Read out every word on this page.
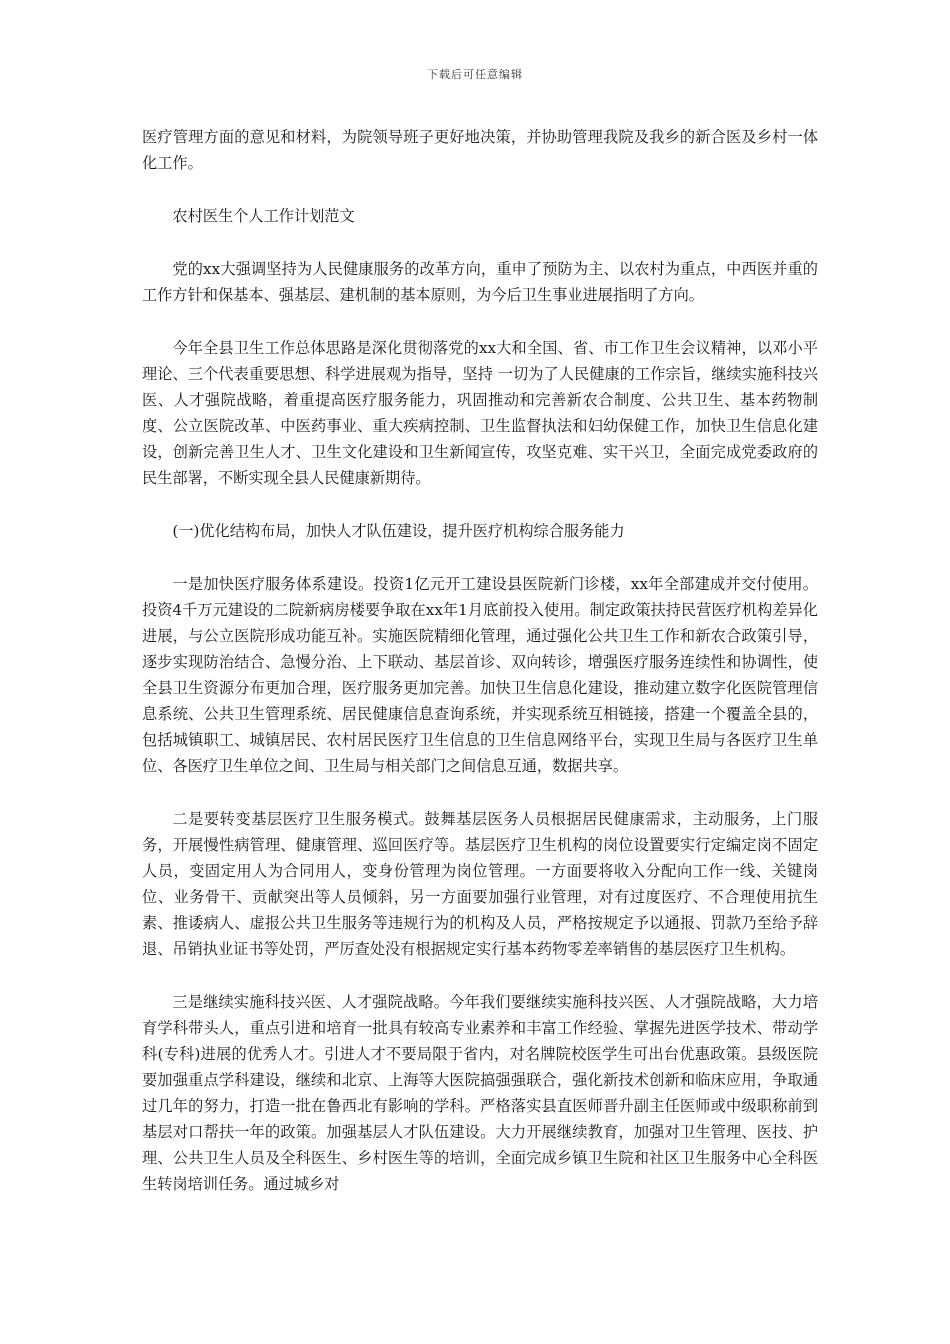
下载后可任意编辑

医疗管理方面的意见和材料，为院领导班子更好地决策，并协助管理我院及我乡的新合医及乡村一体化工作。

农村医生个人工作计划范文

党的xx大强调坚持为人民健康服务的改革方向，重申了预防为主、以农村为重点，中西医并重的工作方针和保基本、强基层、建机制的基本原则，为今后卫生事业进展指明了方向。

今年全县卫生工作总体思路是深化贯彻落党的xx大和全国、省、市工作卫生会议精神，以邓小平理论、三个代表重要思想、科学进展观为指导，坚持 一切为了人民健康的工作宗旨，继续实施科技兴医、人才强院战略，着重提高医疗服务能力，巩固推动和完善新农合制度、公共卫生、基本药物制度、公立医院改革、中医药事业、重大疾病控制、卫生监督执法和妇幼保健工作，加快卫生信息化建设，创新完善卫生人才、卫生文化建设和卫生新闻宣传，攻坚克难、实干兴卫，全面完成党委政府的民生部署，不断实现全县人民健康新期待。

(一)优化结构布局，加快人才队伍建设，提升医疗机构综合服务能力

一是加快医疗服务体系建设。投资1亿元开工建设县医院新门诊楼，xx年全部建成并交付使用。投资4千万元建设的二院新病房楼要争取在xx年1月底前投入使用。制定政策扶持民营医疗机构差异化进展，与公立医院形成功能互补。实施医院精细化管理，通过强化公共卫生工作和新农合政策引导，逐步实现防治结合、急慢分治、上下联动、基层首诊、双向转诊，增强医疗服务连续性和协调性，使全县卫生资源分布更加合理，医疗服务更加完善。加快卫生信息化建设，推动建立数字化医院管理信息系统、公共卫生管理系统、居民健康信息查询系统，并实现系统互相链接，搭建一个覆盖全县的，包括城镇职工、城镇居民、农村居民医疗卫生信息的卫生信息网络平台，实现卫生局与各医疗卫生单位、各医疗卫生单位之间、卫生局与相关部门之间信息互通，数据共享。

二是要转变基层医疗卫生服务模式。鼓舞基层医务人员根据居民健康需求，主动服务，上门服务，开展慢性病管理、健康管理、巡回医疗等。基层医疗卫生机构的岗位设置要实行定编定岗不固定人员，变固定用人为合同用人，变身份管理为岗位管理。一方面要将收入分配向工作一线、关键岗位、业务骨干、贡献突出等人员倾斜，另一方面要加强行业管理，对有过度医疗、不合理使用抗生素、推诿病人、虚报公共卫生服务等违规行为的机构及人员，严格按规定予以通报、罚款乃至给予辞退、吊销执业证书等处罚，严厉查处没有根据规定实行基本药物零差率销售的基层医疗卫生机构。

三是继续实施科技兴医、人才强院战略。今年我们要继续实施科技兴医、人才强院战略，大力培育学科带头人，重点引进和培育一批具有较高专业素养和丰富工作经验、掌握先进医学技术、带动学科(专科)进展的优秀人才。引进人才不要局限于省内，对名牌院校医学生可出台优惠政策。县级医院要加强重点学科建设，继续和北京、上海等大医院搞强强联合，强化新技术创新和临床应用，争取通过几年的努力，打造一批在鲁西北有影响的学科。严格落实县直医师晋升副主任医师或中级职称前到基层对口帮扶一年的政策。加强基层人才队伍建设。大力开展继续教育，加强对卫生管理、医技、护理、公共卫生人员及全科医生、乡村医生等的培训，全面完成乡镇卫生院和社区卫生服务中心全科医生转岗培训任务。通过城乡对
